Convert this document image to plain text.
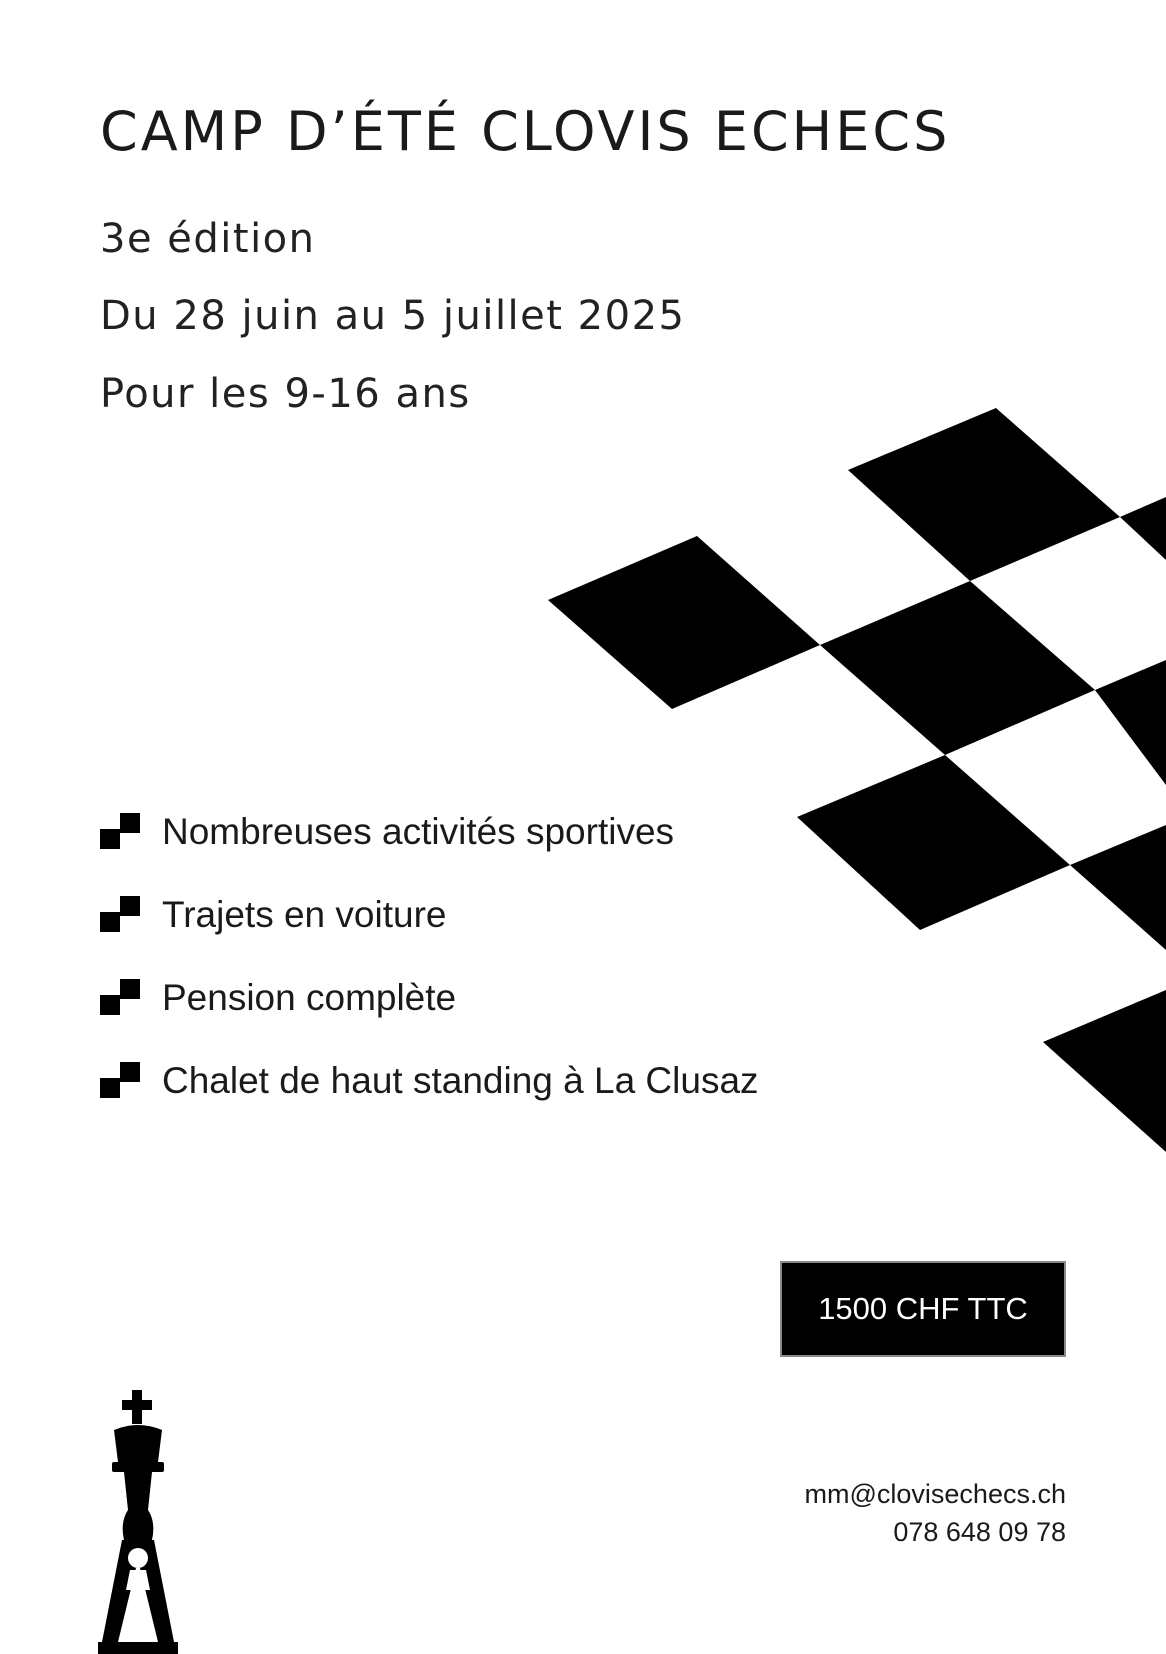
CAMP D’ÉTÉ CLOVIS ECHECS

3e édition

Du 28 juin au 5 juillet 2025

Pour les 9-16 ans

Nombreuses activités sportives
Trajets en voiture
Pension complète
Chalet de haut standing à La Clusaz
1500 CHF TTC
mm@clovisechecs.ch
078 648 09 78
